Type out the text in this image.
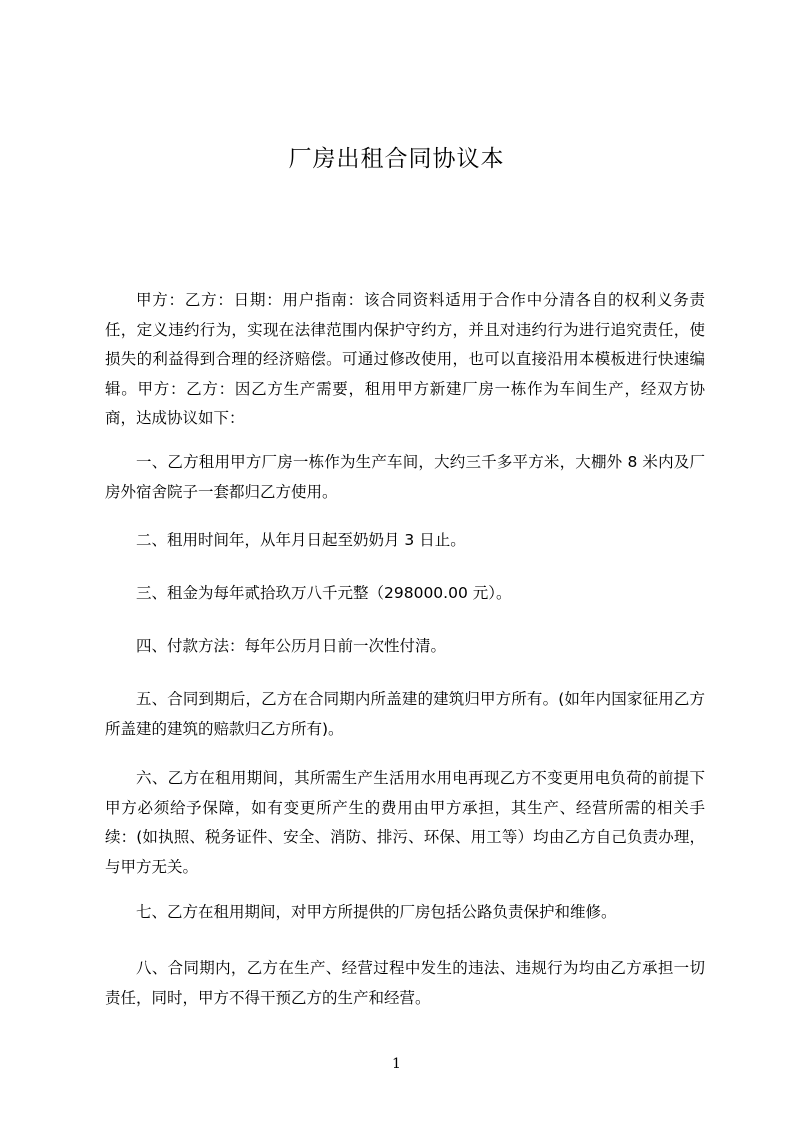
厂房出租合同协议本

甲方：乙方：日期：用户指南：该合同资料适用于合作中分清各自的权利义务责任，定义违约行为，实现在法律范围内保护守约方，并且对违约行为进行追究责任，使损失的利益得到合理的经济赔偿。可通过修改使用，也可以直接沿用本模板进行快速编辑。甲方：乙方：因乙方生产需要，租用甲方新建厂房一栋作为车间生产，经双方协商，达成协议如下：

一、乙方租用甲方厂房一栋作为生产车间，大约三千多平方米，大棚外 8 米内及厂房外宿舍院子一套都归乙方使用。

二、租用时间年，从年月日起至奶奶月 3 日止。

三、租金为每年贰拾玖万八千元整（298000.00 元）。

四、付款方法：每年公历月日前一次性付清。

五、合同到期后，乙方在合同期内所盖建的建筑归甲方所有。(如年内国家征用乙方所盖建的建筑的赔款归乙方所有)。

六、乙方在租用期间，其所需生产生活用水用电再现乙方不变更用电负荷的前提下甲方必须给予保障，如有变更所产生的费用由甲方承担，其生产、经营所需的相关手续：(如执照、税务证件、安全、消防、排污、环保、用工等）均由乙方自己负责办理，与甲方无关。

七、乙方在租用期间，对甲方所提供的厂房包括公路负责保护和维修。

八、合同期内，乙方在生产、经营过程中发生的违法、违规行为均由乙方承担一切责任，同时，甲方不得干预乙方的生产和经营。

1
